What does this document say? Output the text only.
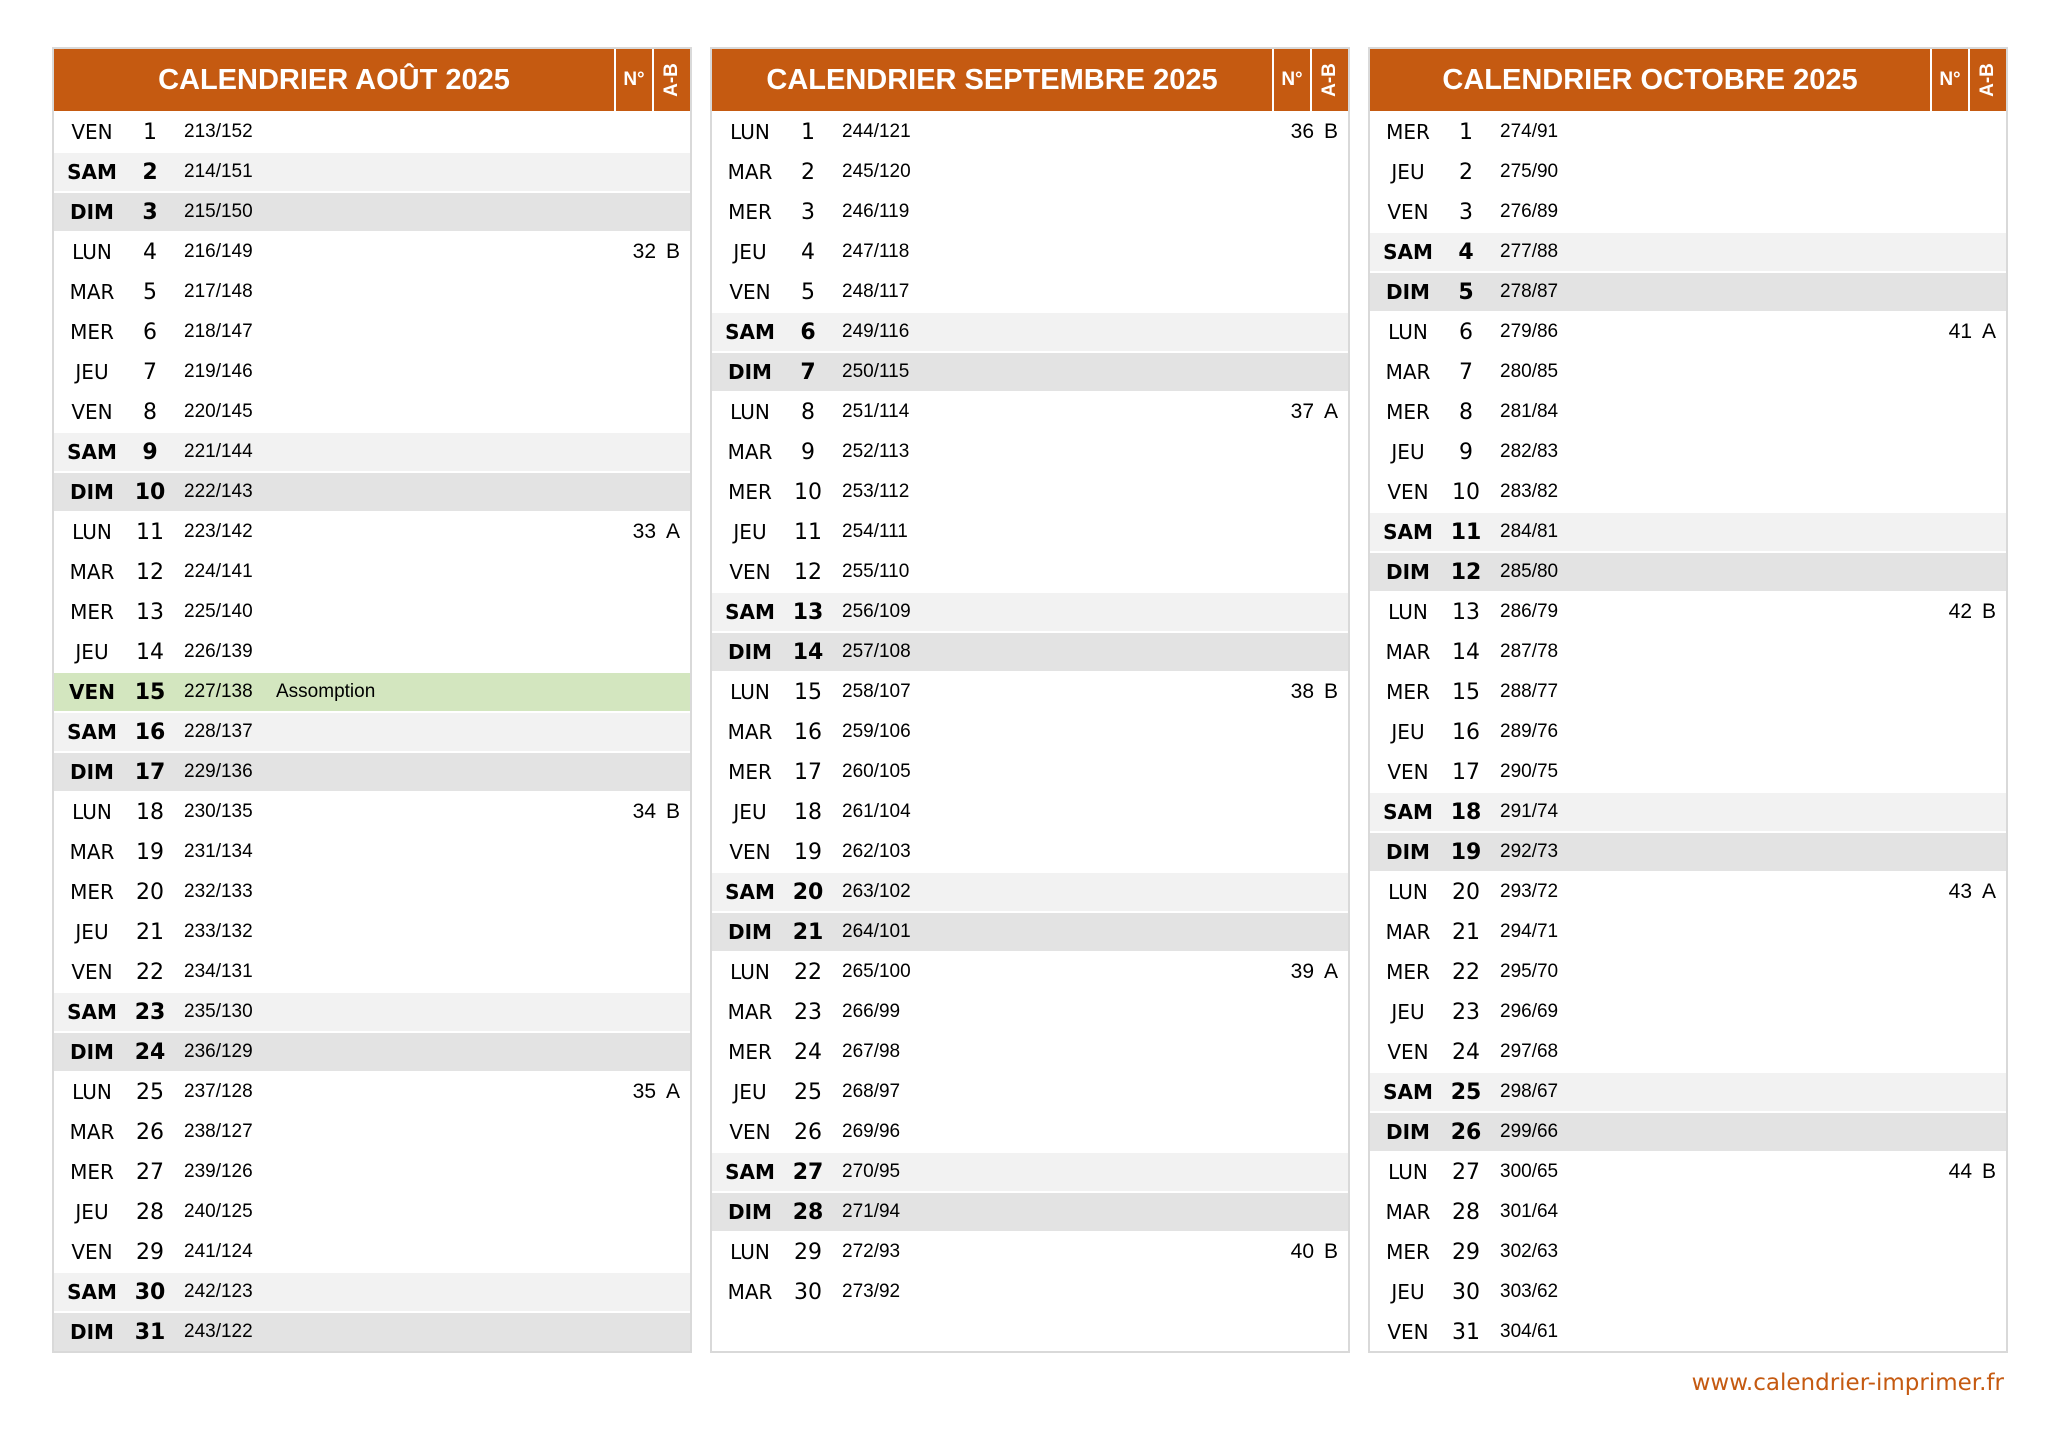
CALENDRIER AOÛT 2025	N° A-B
VEN	1	213/152
SAM	2	214/151
DIM	3	215/150
LUN	4	216/149	32 B
MAR	5	217/148
MER	6	218/147
JEU	7	219/146
VEN	8	220/145
SAM	9	221/144
DIM 10 222/143
LUN	11	223/142	33 A
MAR 12	224/141
MER	13	225/140
JEU	14	226/139
VEN 15 227/138	Assomption
SAM 16 228/137
DIM 17 229/136
LUN	18	230/135	34 B
MAR 19	231/134
MER	20	232/133
JEU	21	233/132
VEN	22	234/131
SAM 23 235/130
DIM 24 236/129
LUN	25	237/128	35 A
MAR 26	238/127
MER	27	239/126
JEU	28	240/125
VEN	29	241/124
SAM 30 242/123
DIM 31 243/122
CALENDRIER SEPTEMBRE 2025	N° A-B
LUN	1	244/121	36 B
MAR	2	245/120
MER	3	246/119
JEU	4	247/118
VEN	5	248/117
SAM	6	249/116
DIM	7	250/115
LUN	8	251/114	37 A
MAR	9	252/113
MER	10	253/112
JEU	11	254/111
VEN	12	255/110
SAM 13 256/109
DIM 14 257/108
LUN	15	258/107	38 B
MAR 16	259/106
MER	17	260/105
JEU	18	261/104
VEN	19	262/103
SAM 20 263/102
DIM 21 264/101
LUN	22	265/100	39 A
MAR 23	266/99
MER	24	267/98
JEU	25	268/97
VEN	26	269/96
SAM 27 270/95
DIM 28 271/94
LUN	29	272/93	40 B
MAR 30	273/92
CALENDRIER OCTOBRE 2025	N° A-B
MER	1	274/91
JEU	2	275/90
VEN	3	276/89
SAM	4	277/88
DIM	5	278/87
LUN	6	279/86	41 A
MAR	7	280/85
MER	8	281/84
JEU	9	282/83
VEN	10	283/82
SAM 11 284/81
DIM 12 285/80
LUN	13	286/79	42 B
MAR 14	287/78
MER	15	288/77
JEU	16	289/76
VEN	17	290/75
SAM 18 291/74
DIM 19 292/73
LUN	20	293/72	43 A
MAR 21	294/71
MER	22	295/70
JEU	23	296/69
VEN	24	297/68
SAM 25 298/67
DIM 26 299/66
LUN	27	300/65	44 B
MAR 28	301/64
MER	29	302/63
JEU	30	303/62
VEN	31	304/61
www.calendrier-imprimer.fr
